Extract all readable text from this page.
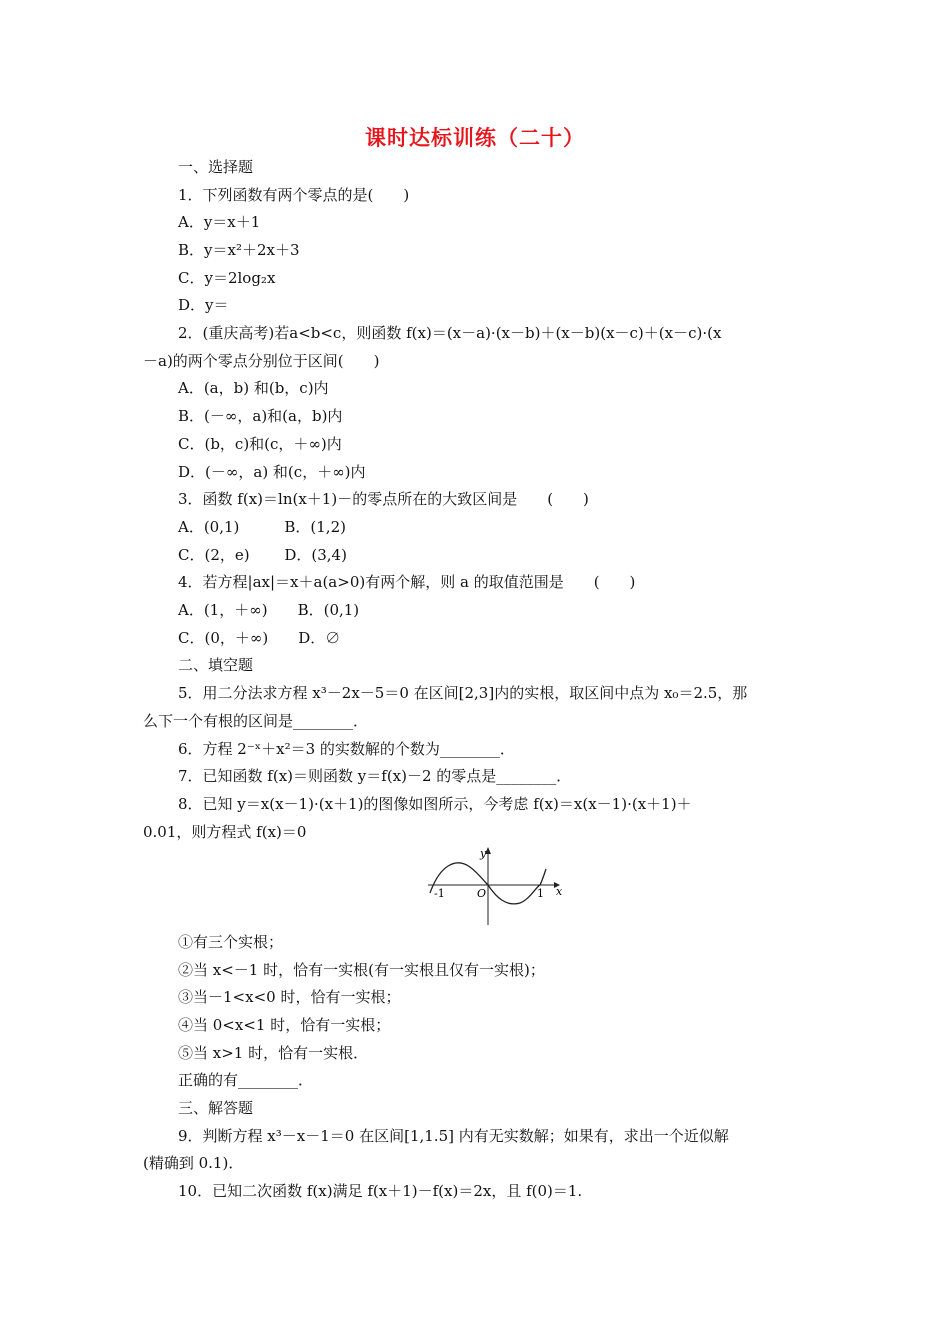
课时达标训练（二十）
一、选择题
1．下列函数有两个零点的是(　　)
A．y＝x＋1
B．y＝x²＋2x＋3
C．y＝2log₂x
D．y＝
2．(重庆高考)若a<b<c，则函数 f(x)＝(x－a)·(x－b)＋(x－b)(x－c)＋(x－c)·(x
－a)的两个零点分别位于区间(　　)
A．(a，b) 和(b，c)内
B．(－∞，a)和(a，b)内
C．(b，c)和(c，＋∞)内
D．(－∞，a) 和(c，＋∞)内
3．函数 f(x)＝ln(x＋1)－的零点所在的大致区间是　　(　　)
A．(0,1)　　　B．(1,2)
C．(2，e)　　 D．(3,4)
4．若方程|ax|＝x＋a(a>0)有两个解，则 a 的取值范围是　　(　　)
A．(1，＋∞)　　B．(0,1)
C．(0，＋∞)　　D．∅
二、填空题
5．用二分法求方程 x³－2x－5＝0 在区间[2,3]内的实根，取区间中点为 x₀＝2.5，那
么下一个有根的区间是________．
6．方程 2⁻ˣ＋x²＝3 的实数解的个数为________．
7．已知函数 f(x)＝则函数 y＝f(x)－2 的零点是________．
8．已知 y＝x(x－1)·(x＋1)的图像如图所示，今考虑 f(x)＝x(x－1)·(x＋1)＋
0.01，则方程式 f(x)＝0
y
x
O
-1	1
①有三个实根；
②当 x<－1 时，恰有一实根(有一实根且仅有一实根)；
③当－1<x<0 时，恰有一实根；
④当 0<x<1 时，恰有一实根；
⑤当 x>1 时，恰有一实根．
正确的有________．
三、解答题
9．判断方程 x³－x－1＝0 在区间[1,1.5] 内有无实数解；如果有，求出一个近似解
(精确到 0.1)．
10．已知二次函数 f(x)满足 f(x＋1)－f(x)＝2x，且 f(0)＝1.
